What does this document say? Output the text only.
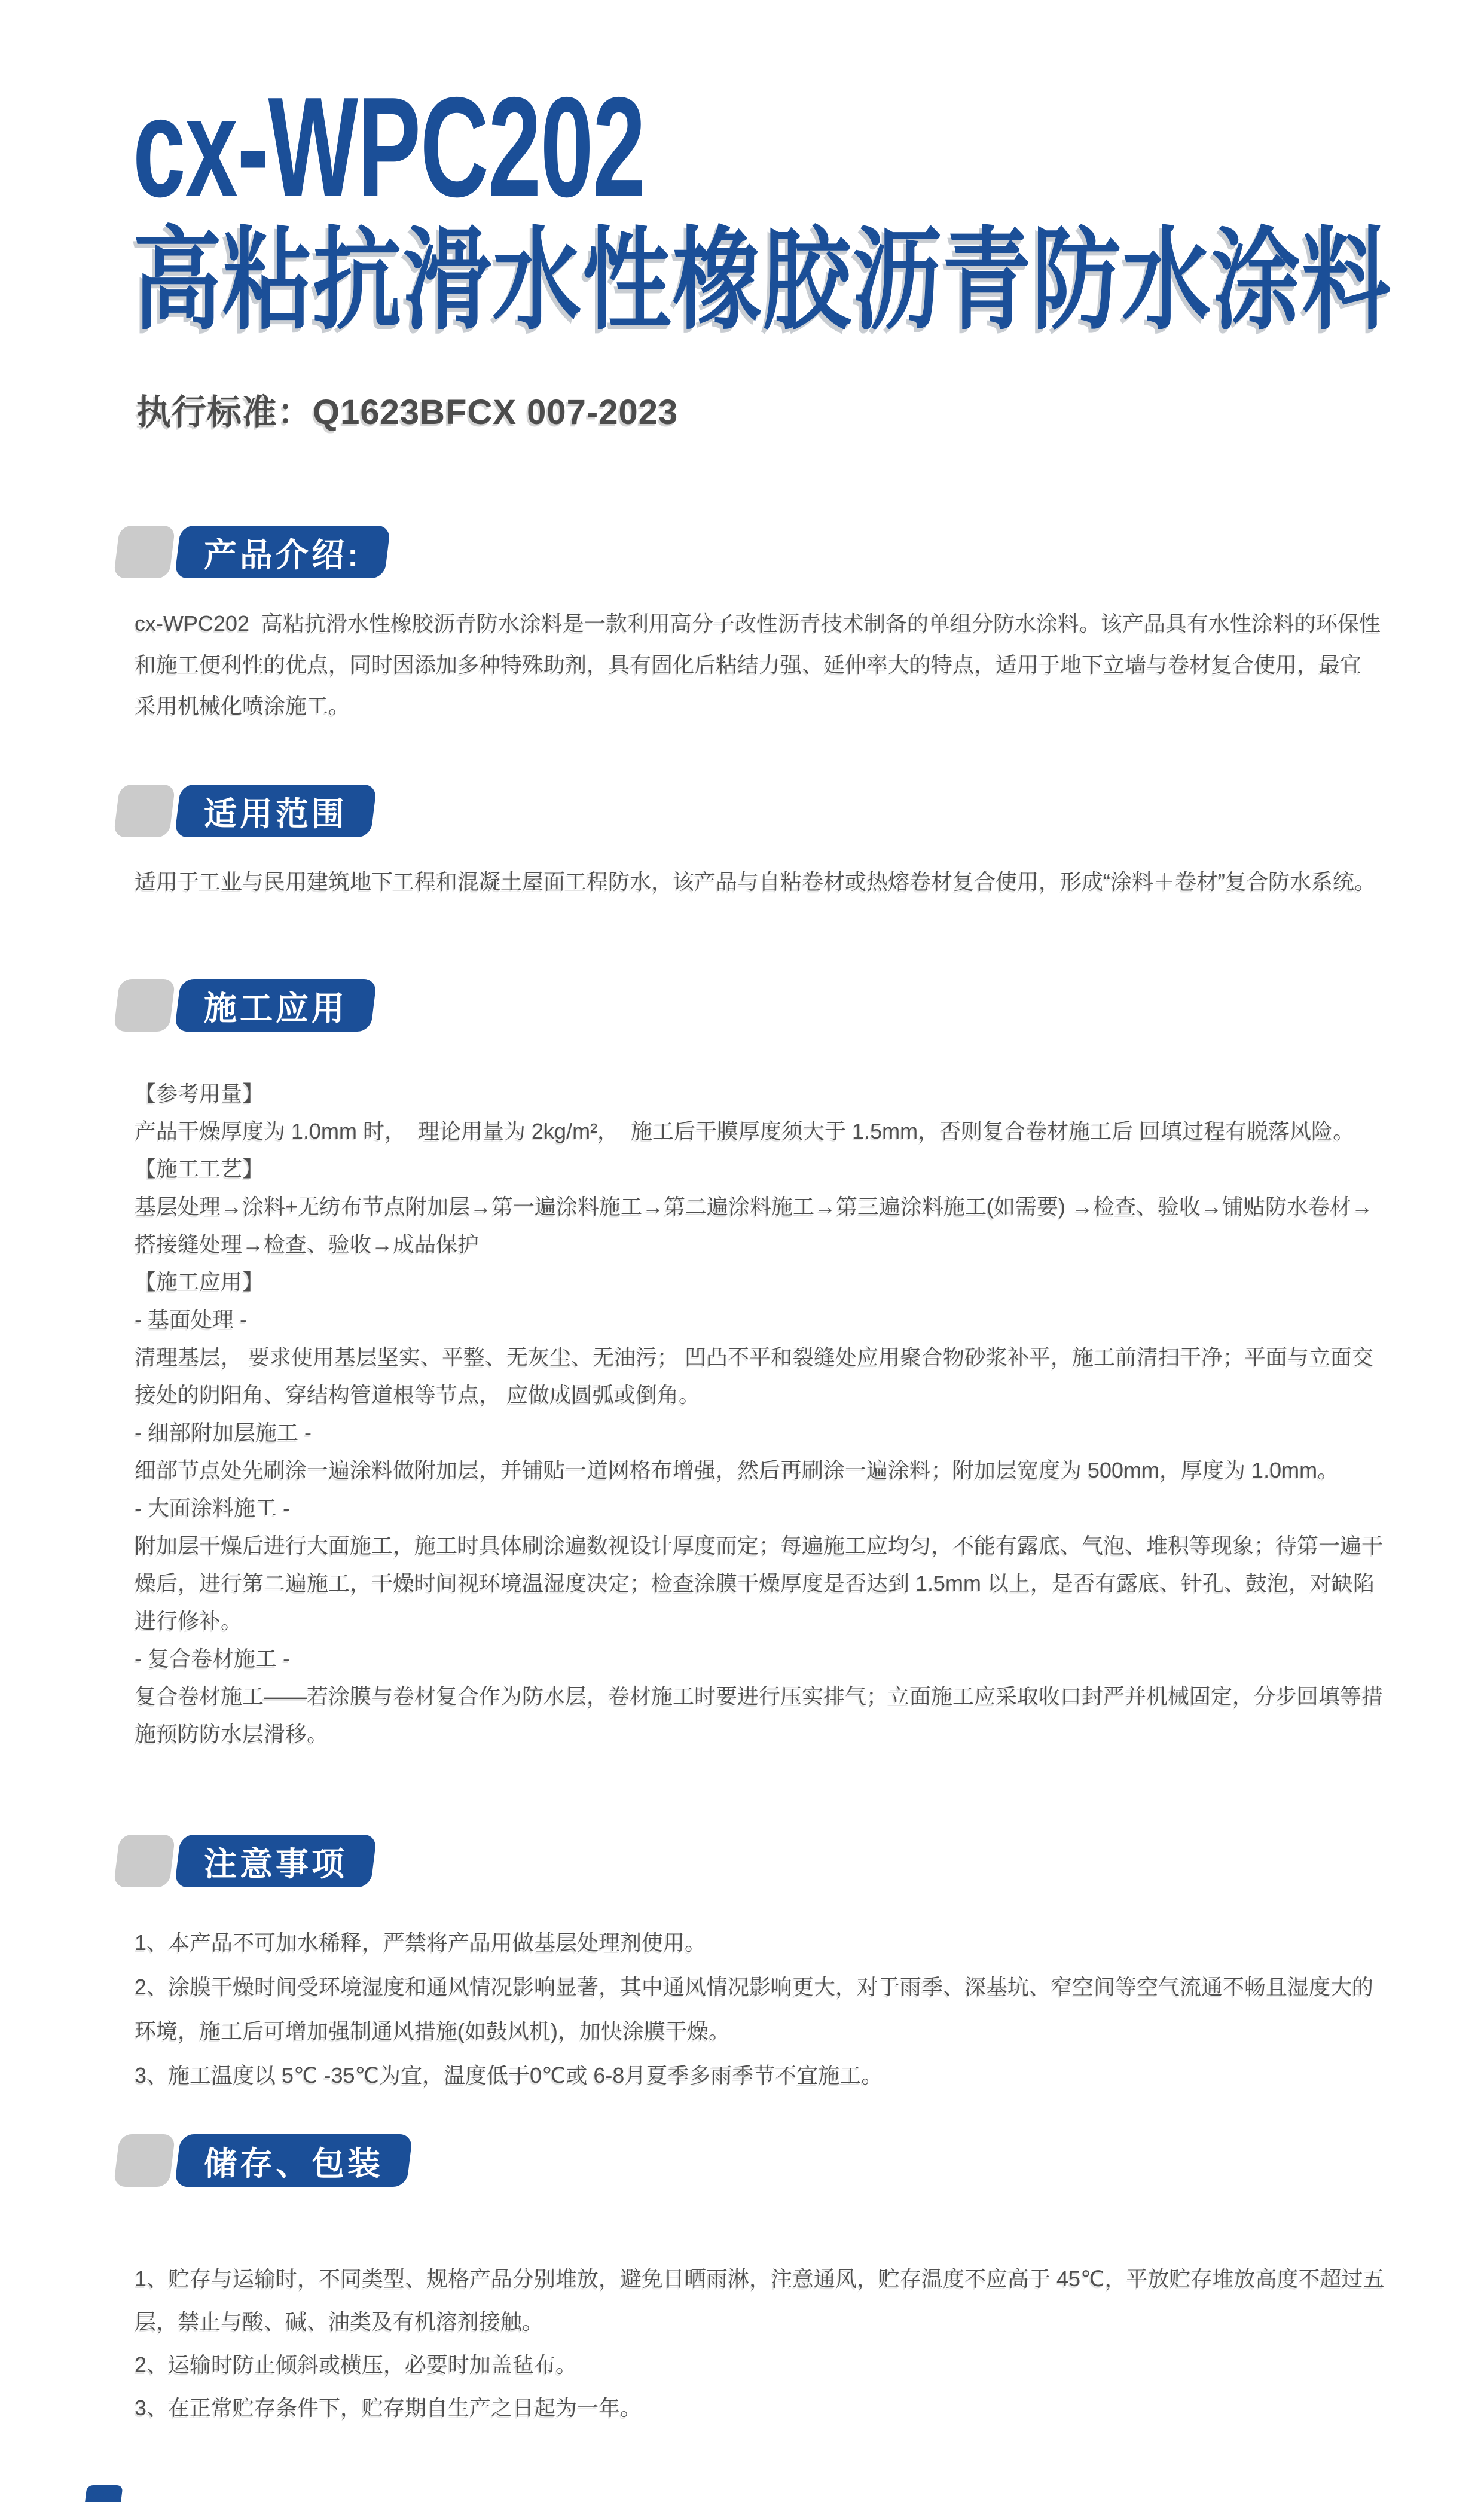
cx-WPC202
高粘抗滑水性橡胶沥青防水涂料
执行标准：Q1623BFCX 007-2023
产品介绍:
cx-WPC202  高粘抗滑水性橡胶沥青防水涂料是一款利用高分子改性沥青技术制备的单组分防水涂料。该产品具有水性涂料的环保性
和施工便利性的优点，同时因添加多种特殊助剂，具有固化后粘结力强、延伸率大的特点，适用于地下立墙与卷材复合使用，最宜
采用机械化喷涂施工。
适用范围
适用于工业与民用建筑地下工程和混凝土屋面工程防水，该产品与自粘卷材或热熔卷材复合使用，形成“涂料＋卷材”复合防水系统。
施工应用
【参考用量】
产品干燥厚度为 1.0mm 时，  理论用量为 2kg/m²，  施工后干膜厚度须大于 1.5mm，否则复合卷材施工后 回填过程有脱落风险。
【施工工艺】
基层处理→涂料+无纺布节点附加层→第一遍涂料施工→第二遍涂料施工→第三遍涂料施工(如需要) →检查、验收→铺贴防水卷材→
搭接缝处理→检查、验收→成品保护
【施工应用】
- 基面处理 -
清理基层， 要求使用基层坚实、平整、无灰尘、无油污； 凹凸不平和裂缝处应用聚合物砂浆补平，施工前清扫干净；平面与立面交
接处的阴阳角、穿结构管道根等节点， 应做成圆弧或倒角。
- 细部附加层施工 -
细部节点处先刷涂一遍涂料做附加层，并铺贴一道网格布增强，然后再刷涂一遍涂料；附加层宽度为 500mm，厚度为 1.0mm。
- 大面涂料施工 -
附加层干燥后进行大面施工，施工时具体刷涂遍数视设计厚度而定；每遍施工应均匀，不能有露底、气泡、堆积等现象；待第一遍干
燥后，进行第二遍施工，干燥时间视环境温湿度决定；检查涂膜干燥厚度是否达到 1.5mm 以上，是否有露底、针孔、鼓泡，对缺陷
进行修补。
- 复合卷材施工 -
复合卷材施工——若涂膜与卷材复合作为防水层，卷材施工时要进行压实排气；立面施工应采取收口封严并机械固定，分步回填等措
施预防防水层滑移。
注意事项
1、本产品不可加水稀释，严禁将产品用做基层处理剂使用。
2、涂膜干燥时间受环境湿度和通风情况影响显著，其中通风情况影响更大，对于雨季、深基坑、窄空间等空气流通不畅且湿度大的
环境，施工后可增加强制通风措施(如鼓风机)，加快涂膜干燥。
3、施工温度以 5℃ -35℃为宜，温度低于0℃或 6-8月夏季多雨季节不宜施工。
储存、包装
1、贮存与运输时，不同类型、规格产品分别堆放，避免日晒雨淋，注意通风，贮存温度不应高于 45℃，平放贮存堆放高度不超过五
层，禁止与酸、碱、油类及有机溶剂接触。
2、运输时防止倾斜或横压，必要时加盖毡布。
3、在正常贮存条件下，贮存期自生产之日起为一年。
